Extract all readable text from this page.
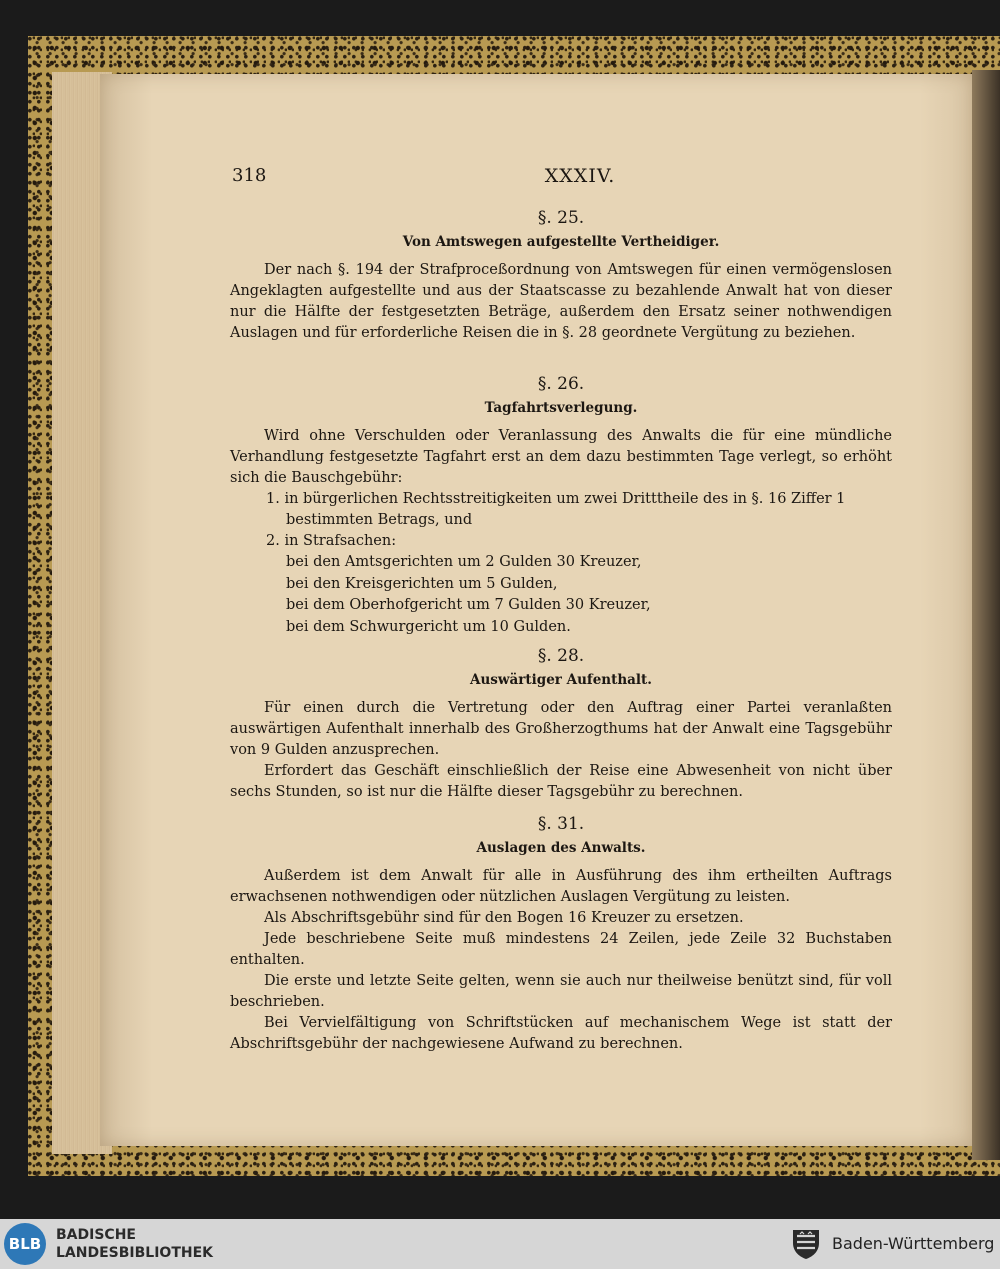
318	XXXIV.
§. 25.
Von Amtswegen aufgestellte Vertheidiger.

Der nach §. 194 der Strafproceßordnung von Amtswegen für einen vermögenslosen Angeklagten aufgestellte und aus der Staatscasse zu bezahlende Anwalt hat von dieser nur die Hälfte der festgesetzten Beträge, außerdem den Ersatz seiner nothwendigen Auslagen und für erforderliche Reisen die in §. 28 geordnete Vergütung zu beziehen.

§. 26.
Tagfahrtsverlegung.

Wird ohne Verschulden oder Veranlassung des Anwalts die für eine mündliche Verhandlung festgesetzte Tagfahrt erst an dem dazu bestimmten Tage verlegt, so erhöht sich die Bauschgebühr:

1. in bürgerlichen Rechtsstreitigkeiten um zwei Dritttheile des in §. 16 Ziffer 1 bestimmten Betrags, und

2. in Strafsachen:

bei den Amtsgerichten um 2 Gulden 30 Kreuzer,

bei den Kreisgerichten um 5 Gulden,

bei dem Oberhofgericht um 7 Gulden 30 Kreuzer,

bei dem Schwurgericht um 10 Gulden.

§. 28.
Auswärtiger Aufenthalt.

Für einen durch die Vertretung oder den Auftrag einer Partei veranlaßten auswärtigen Aufenthalt innerhalb des Großherzogthums hat der Anwalt eine Tagsgebühr von 9 Gulden anzusprechen.

Erfordert das Geschäft einschließlich der Reise eine Abwesenheit von nicht über sechs Stunden, so ist nur die Hälfte dieser Tagsgebühr zu berechnen.

§. 31.
Auslagen des Anwalts.

Außerdem ist dem Anwalt für alle in Ausführung des ihm ertheilten Auftrags erwachsenen nothwendigen oder nützlichen Auslagen Vergütung zu leisten.

Als Abschriftsgebühr sind für den Bogen 16 Kreuzer zu ersetzen.

Jede beschriebene Seite muß mindestens 24 Zeilen, jede Zeile 32 Buchstaben enthalten.

Die erste und letzte Seite gelten, wenn sie auch nur theilweise benützt sind, für voll beschrieben.

Bei Vervielfältigung von Schriftstücken auf mechanischem Wege ist statt der Abschriftsgebühr der nachgewiesene Aufwand zu berechnen.

BLB	BADISCHE
LANDESBIBLIOTHEK	Baden-Württemberg
